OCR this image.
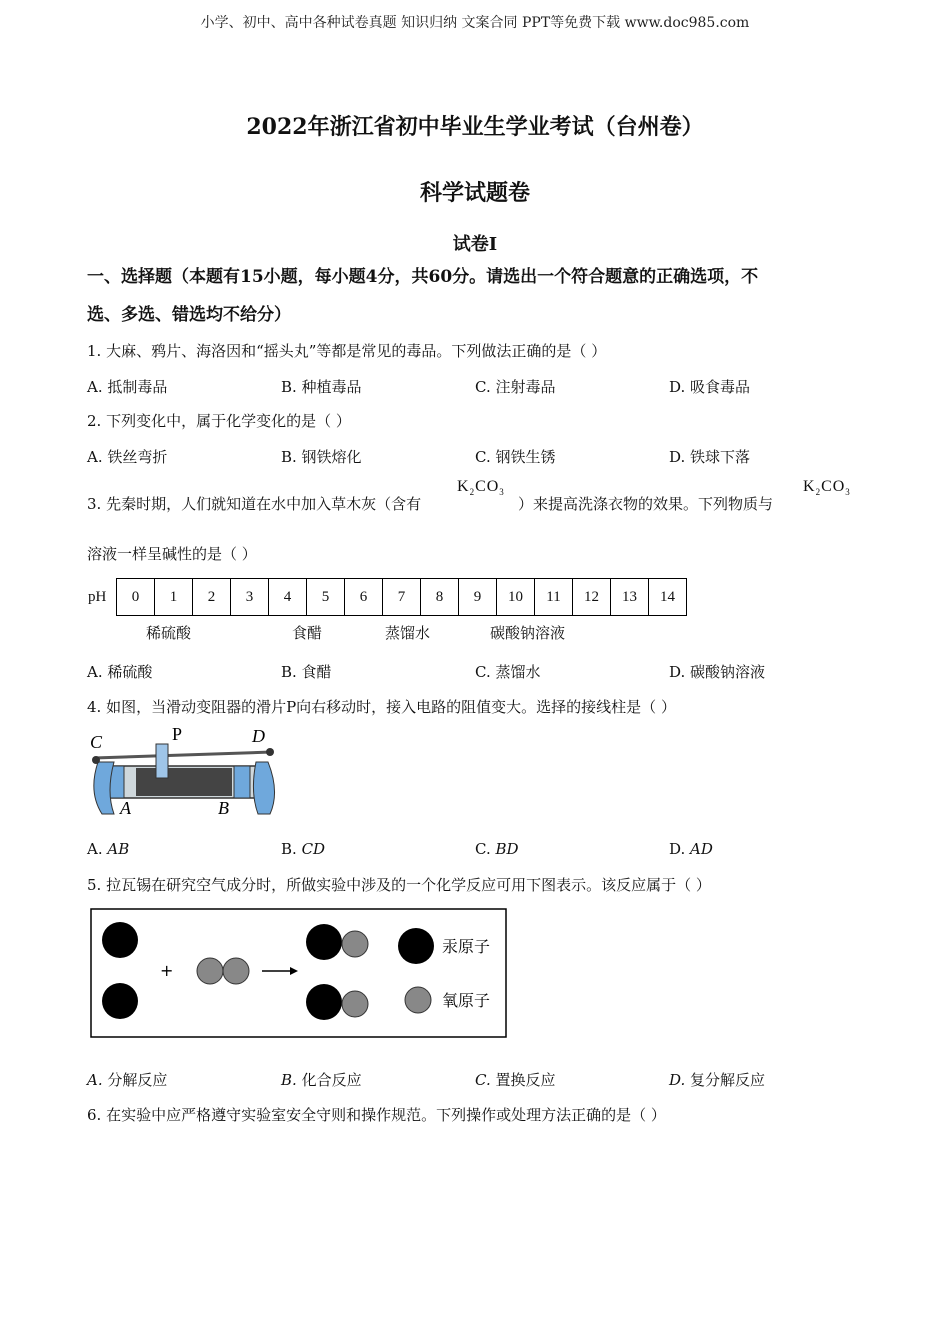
小学、初中、高中各种试卷真题 知识归纳 文案合同 PPT等免费下载 www.doc985.com
2022年浙江省初中毕业生学业考试（台州卷）
科学试题卷
试卷Ⅰ
一、选择题（本题有15小题，每小题4分，共60分。请选出一个符合题意的正确选项，不
选、多选、错选均不给分）
1. 大麻、鸦片、海洛因和“摇头丸”等都是常见的毒品。下列做法正确的是（ ）
A. 抵制毒品	B. 种植毒品	C. 注射毒品	D. 吸食毒品
2. 下列变化中，属于化学变化的是（ ）
A. 铁丝弯折	B. 钢铁熔化	C. 钢铁生锈	D. 铁球下落
3. 先秦时期，人们就知道在水中加入草木灰（含有
$K_2CO_3$
）来提高洗涤衣物的效果。下列物质与
$K_2CO_3$
溶液一样呈碱性的是（ ）
pH	0	1	2	3	4	5	6	7	8	9	10	11	12	13	14
稀硫酸	食醋	蒸馏水	碳酸钠溶液
A. 稀硫酸	B. 食醋	C. 蒸馏水	D. 碳酸钠溶液
4. 如图，当滑动变阻器的滑片P向右移动时，接入电路的阻值变大。选择的接线柱是（ ）
C	P	D
A	B
A. AB	B. CD	C. BD	D. AD
5. 拉瓦锡在研究空气成分时，所做实验中涉及的一个化学反应可用下图表示。该反应属于（ ）
+
汞原子
氧原子
A. 分解反应	B. 化合反应	C. 置换反应	D. 复分解反应
6. 在实验中应严格遵守实验室安全守则和操作规范。下列操作或处理方法正确的是（ ）
